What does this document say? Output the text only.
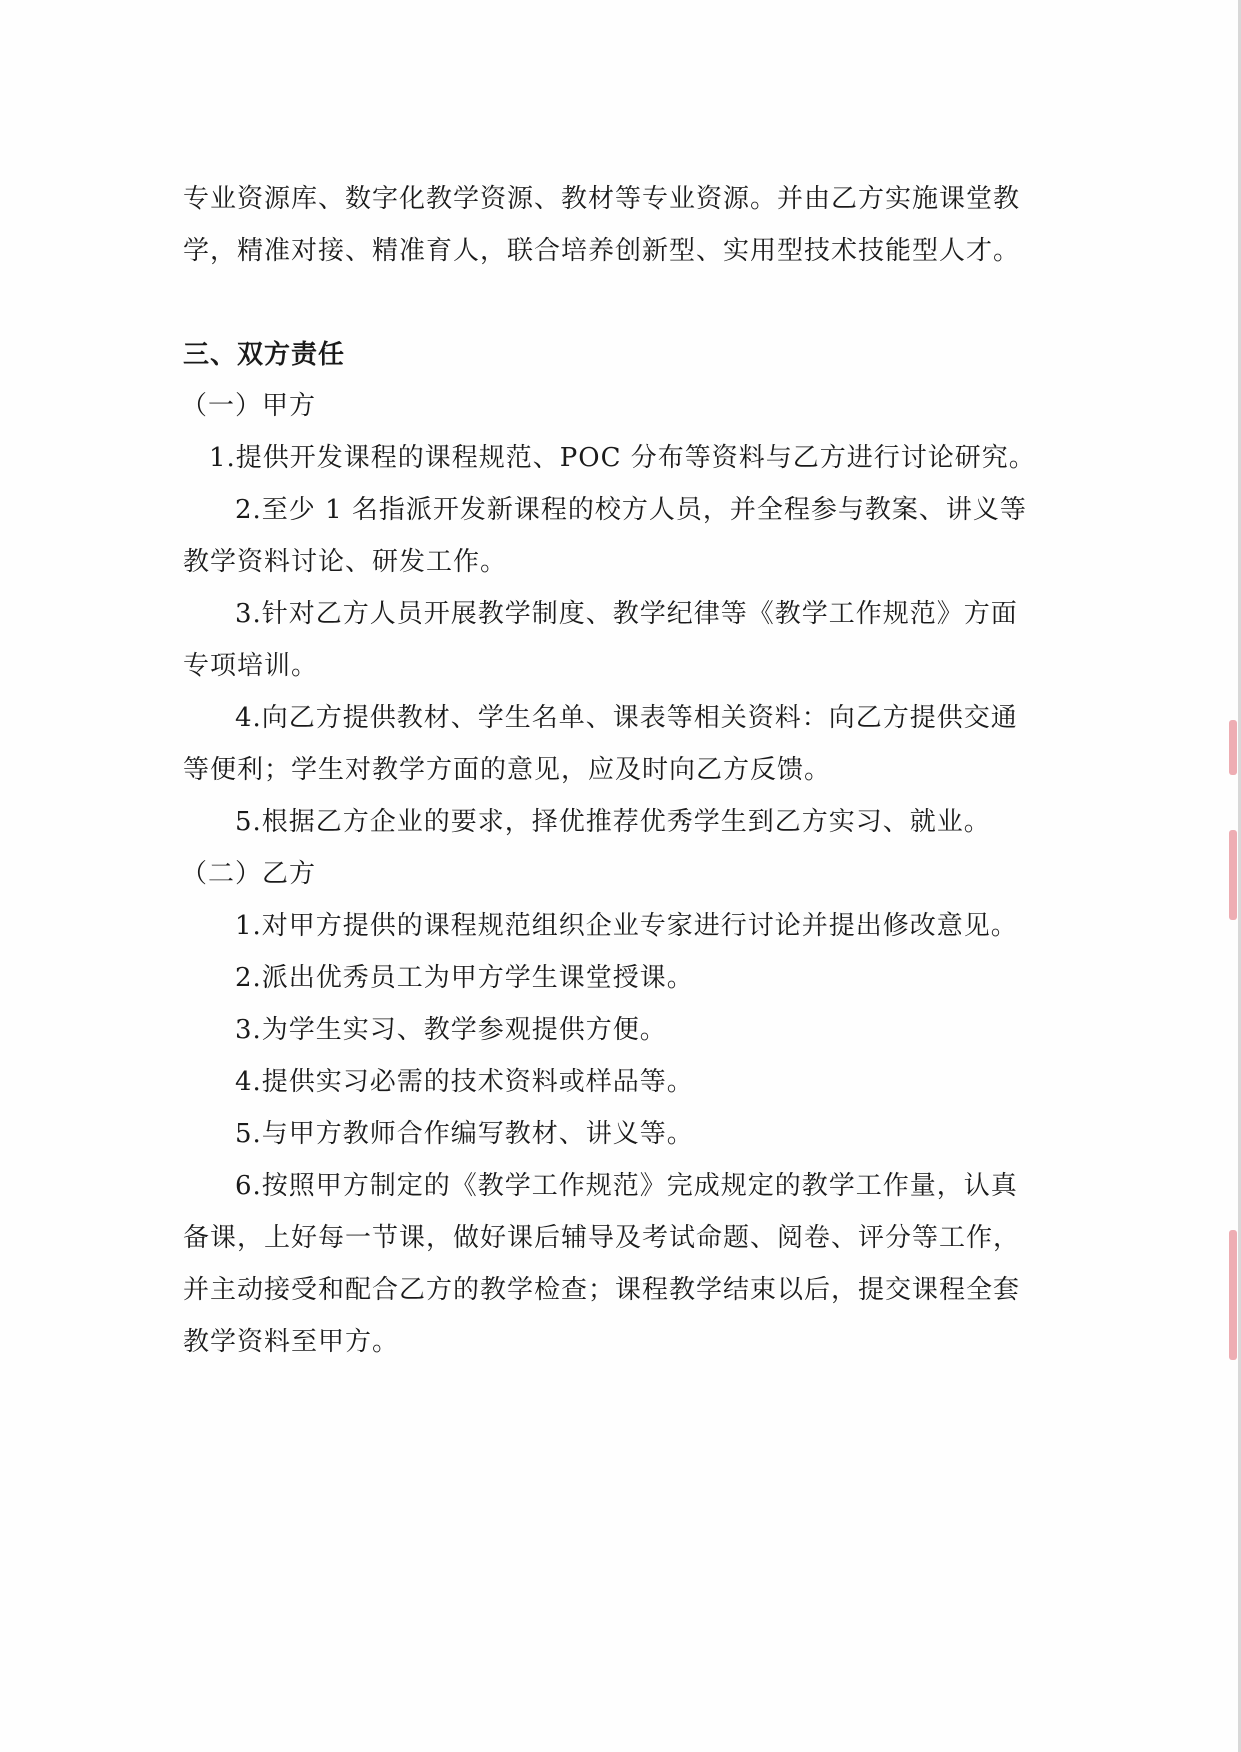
专业资源库、数字化教学资源、教材等专业资源。并由乙方实施课堂教
学，精准对接、精准育人，联合培养创新型、实用型技术技能型人才。
三、双方责任
（一）甲方
1.提供开发课程的课程规范、POC 分布等资料与乙方进行讨论研究。
2.至少 1 名指派开发新课程的校方人员，并全程参与教案、讲义等
教学资料讨论、研发工作。
3.针对乙方人员开展教学制度、教学纪律等《教学工作规范》方面
专项培训。
4.向乙方提供教材、学生名单、课表等相关资料：向乙方提供交通
等便利；学生对教学方面的意见，应及时向乙方反馈。
5.根据乙方企业的要求，择优推荐优秀学生到乙方实习、就业。
（二）乙方
1.对甲方提供的课程规范组织企业专家进行讨论并提出修改意见。
2.派出优秀员工为甲方学生课堂授课。
3.为学生实习、教学参观提供方便。
4.提供实习必需的技术资料或样品等。
5.与甲方教师合作编写教材、讲义等。
6.按照甲方制定的《教学工作规范》完成规定的教学工作量，认真
备课，上好每一节课，做好课后辅导及考试命题、阅卷、评分等工作，
并主动接受和配合乙方的教学检查；课程教学结束以后，提交课程全套
教学资料至甲方。
